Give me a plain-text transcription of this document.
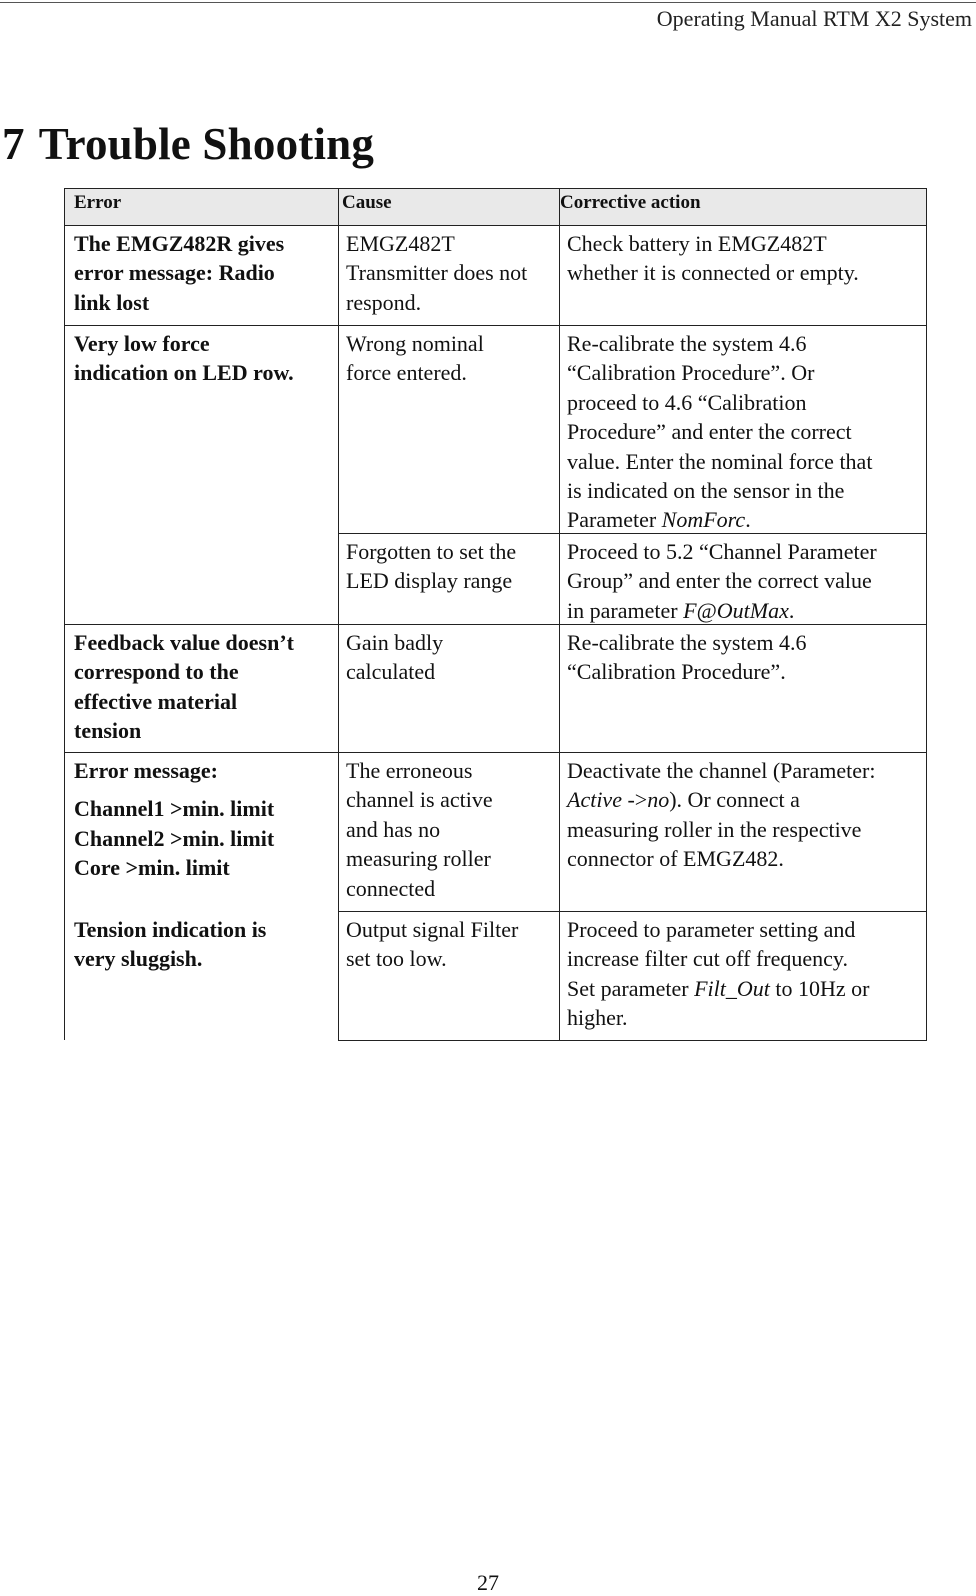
Operating Manual RTM X2 System
7 Trouble Shooting
Error	Cause	Corrective action
The EMGZ482R gives
error message: Radio
link lost
EMGZ482T
Transmitter does not
respond.
Check battery in EMGZ482T
whether it is connected or empty.
Very low force
indication on LED row.
Wrong nominal
force entered.
Re-calibrate the system 4.6
“Calibration Procedure”. Or
proceed to 4.6 “Calibration
Procedure” and enter the correct
value. Enter the nominal force that
is indicated on the sensor in the
Parameter NomForc.
Forgotten to set the
LED display range
Proceed to 5.2 “Channel Parameter
Group” and enter the correct value
in parameter F@OutMax.
Feedback value doesn’t
correspond to the
effective material
tension
Gain badly
calculated
Re-calibrate the system 4.6
“Calibration Procedure”.
Error message:
Channel1 >min. limit
Channel2 >min. limit
Core >min. limit
The erroneous
channel is active
and has no
measuring roller
connected
Deactivate the channel (Parameter:
Active ->no). Or connect a
measuring roller in the respective
connector of EMGZ482.
Tension indication is
very sluggish.
Output signal Filter
set too low.
Proceed to parameter setting and
increase filter cut off frequency.
Set parameter Filt_Out to 10Hz or
higher.
27
